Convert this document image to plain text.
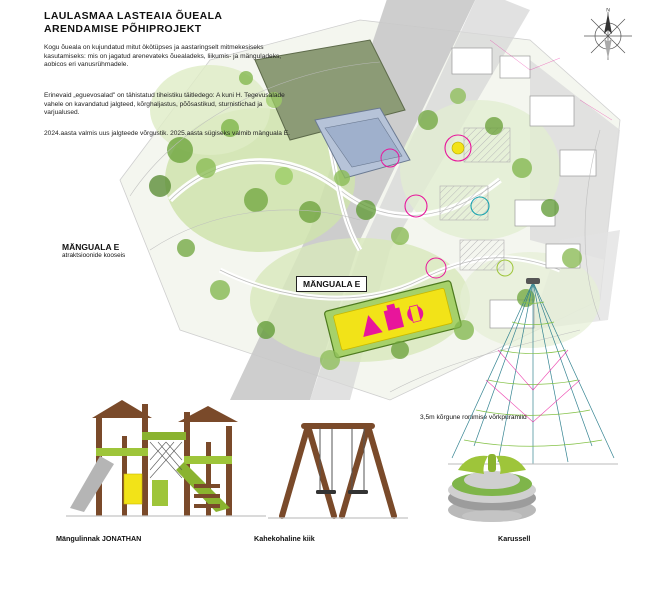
N
LAULASMAA LASTEAIA ÕUEALA
ARENDAMISE PÕHIPROJEKT
Kogu õueala on kujundatud mitut ökötüpses ja aastaringselt mitmekesiseks kasutamiseks: mis on jagatud arenevateks õuealadeks, liikumis- ja mänguladeks, aobicos eri vanusrühmadele.
Erinevaid „eguevosalad" on tähistatud tiheistiku täitledego: A kuni H. Tegevusalade vahele on kavandatud jalgteed, kõrghaljastus, põõsastikud, sturnistichad ja varjualused.
2024.aasta valmis uus jalgteede võrgustik. 2025.aasta sügiseks valmib mänguala E.
MÄNGUALA E
atraktsioonide kooseis
MÄNGUALA E
3,5m kõrgune ronimise võrkpüramiid
Mängulinnak JONATHAN	Kahekohaline kiik	Karussell
